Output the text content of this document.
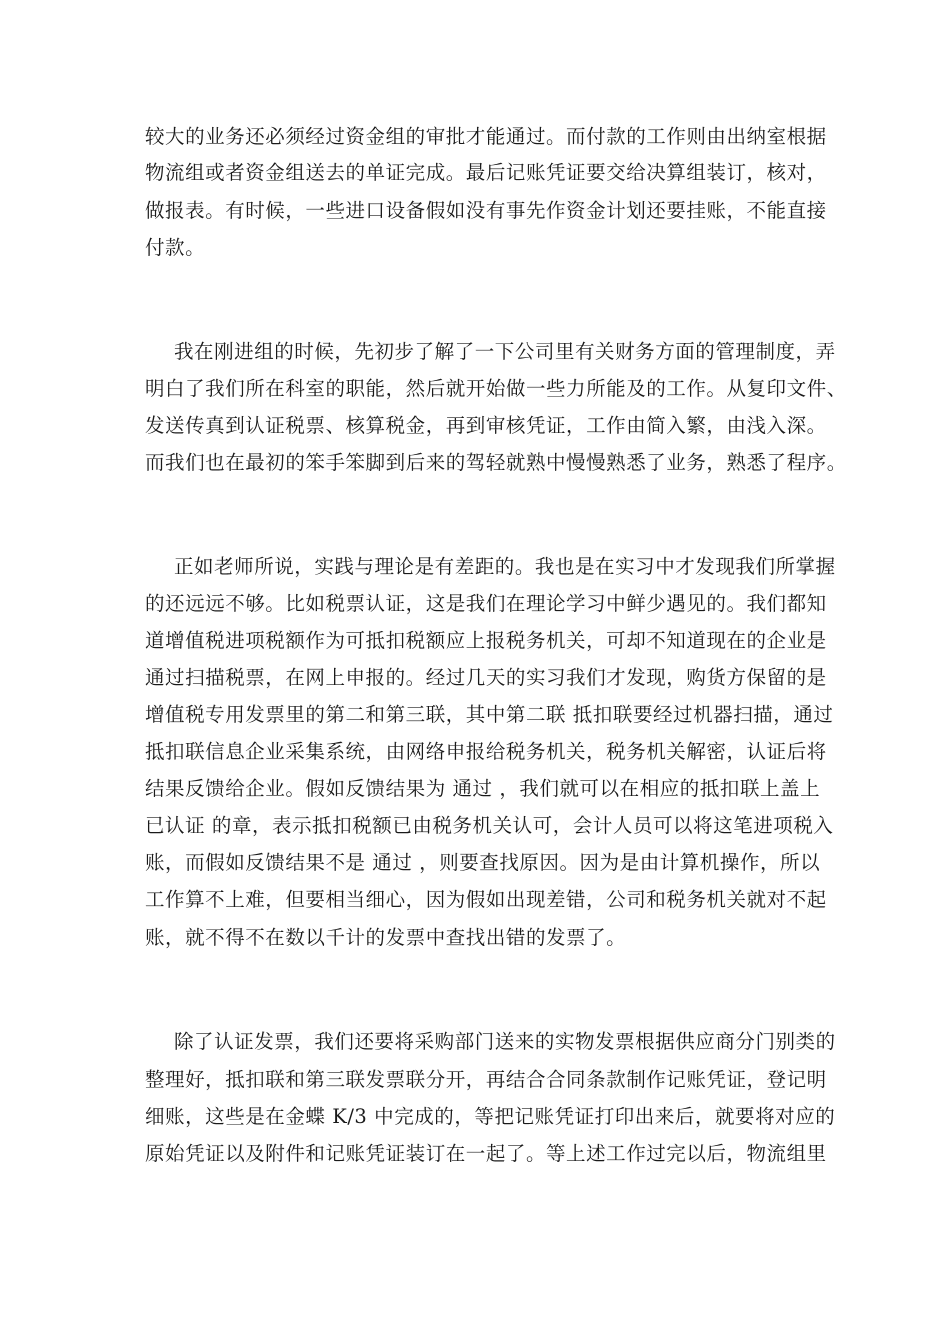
较大的业务还必须经过资金组的审批才能通过。而付款的工作则由出纳室根据
物流组或者资金组送去的单证完成。最后记账凭证要交给决算组装订，核对，
做报表。有时候，一些进口设备假如没有事先作资金计划还要挂账，不能直接
付款。
我在刚进组的时候，先初步了解了一下公司里有关财务方面的管理制度，弄
明白了我们所在科室的职能，然后就开始做一些力所能及的工作。从复印文件、
发送传真到认证税票、核算税金，再到审核凭证，工作由简入繁，由浅入深。
而我们也在最初的笨手笨脚到后来的驾轻就熟中慢慢熟悉了业务，熟悉了程序。
正如老师所说，实践与理论是有差距的。我也是在实习中才发现我们所掌握
的还远远不够。比如税票认证，这是我们在理论学习中鲜少遇见的。我们都知
道增值税进项税额作为可抵扣税额应上报税务机关，可却不知道现在的企业是
通过扫描税票，在网上申报的。经过几天的实习我们才发现，购货方保留的是
增值税专用发票里的第二和第三联，其中第二联 抵扣联要经过机器扫描，通过
抵扣联信息企业采集系统，由网络申报给税务机关，税务机关解密，认证后将
结果反馈给企业。假如反馈结果为 通过 ，我们就可以在相应的抵扣联上盖上
已认证 的章，表示抵扣税额已由税务机关认可，会计人员可以将这笔进项税入
账，而假如反馈结果不是 通过 ，则要查找原因。因为是由计算机操作，所以
工作算不上难，但要相当细心，因为假如出现差错，公司和税务机关就对不起
账，就不得不在数以千计的发票中查找出错的发票了。
除了认证发票，我们还要将采购部门送来的实物发票根据供应商分门别类的
整理好，抵扣联和第三联发票联分开，再结合合同条款制作记账凭证，登记明
细账，这些是在金蝶 K/3 中完成的，等把记账凭证打印出来后，就要将对应的
原始凭证以及附件和记账凭证装订在一起了。等上述工作过完以后，物流组里
